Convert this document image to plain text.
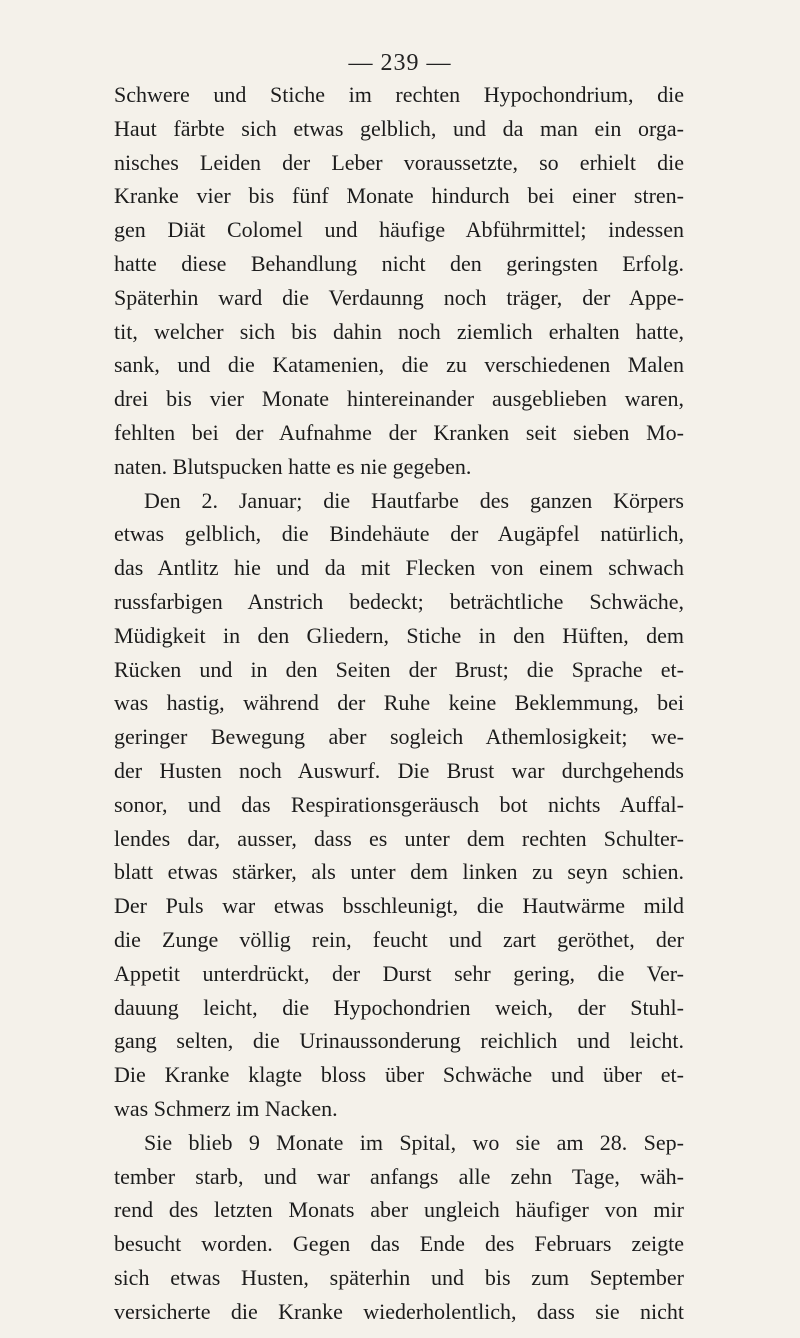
— 239 —
Schwere und Stiche im rechten Hypochondrium, die
Haut färbte sich etwas gelblich, und da man ein orga-
nisches Leiden der Leber voraussetzte, so erhielt die
Kranke vier bis fünf Monate hindurch bei einer stren-
gen Diät Colomel und häufige Abführmittel; indessen
hatte diese Behandlung nicht den geringsten Erfolg.
Späterhin ward die Verdaunng noch träger, der Appe-
tit, welcher sich bis dahin noch ziemlich erhalten hatte,
sank, und die Katamenien, die zu verschiedenen Malen
drei bis vier Monate hintereinander ausgeblieben waren,
fehlten bei der Aufnahme der Kranken seit sieben Mo-
naten. Blutspucken hatte es nie gegeben.
Den 2. Januar; die Hautfarbe des ganzen Körpers
etwas gelblich, die Bindehäute der Augäpfel natürlich,
das Antlitz hie und da mit Flecken von einem schwach
russfarbigen Anstrich bedeckt; beträchtliche Schwäche,
Müdigkeit in den Gliedern, Stiche in den Hüften, dem
Rücken und in den Seiten der Brust; die Sprache et-
was hastig, während der Ruhe keine Beklemmung, bei
geringer Bewegung aber sogleich Athemlosigkeit; we-
der Husten noch Auswurf. Die Brust war durchgehends
sonor, und das Respirationsgeräusch bot nichts Auffal-
lendes dar, ausser, dass es unter dem rechten Schulter-
blatt etwas stärker, als unter dem linken zu seyn schien.
Der Puls war etwas bsschleunigt, die Hautwärme mild
die Zunge völlig rein, feucht und zart geröthet, der
Appetit unterdrückt, der Durst sehr gering, die Ver-
dauung leicht, die Hypochondrien weich, der Stuhl-
gang selten, die Urinaussonderung reichlich und leicht.
Die Kranke klagte bloss über Schwäche und über et-
was Schmerz im Nacken.
Sie blieb 9 Monate im Spital, wo sie am 28. Sep-
tember starb, und war anfangs alle zehn Tage, wäh-
rend des letzten Monats aber ungleich häufiger von mir
besucht worden. Gegen das Ende des Februars zeigte
sich etwas Husten, späterhin und bis zum September
versicherte die Kranke wiederholentlich, dass sie nicht
